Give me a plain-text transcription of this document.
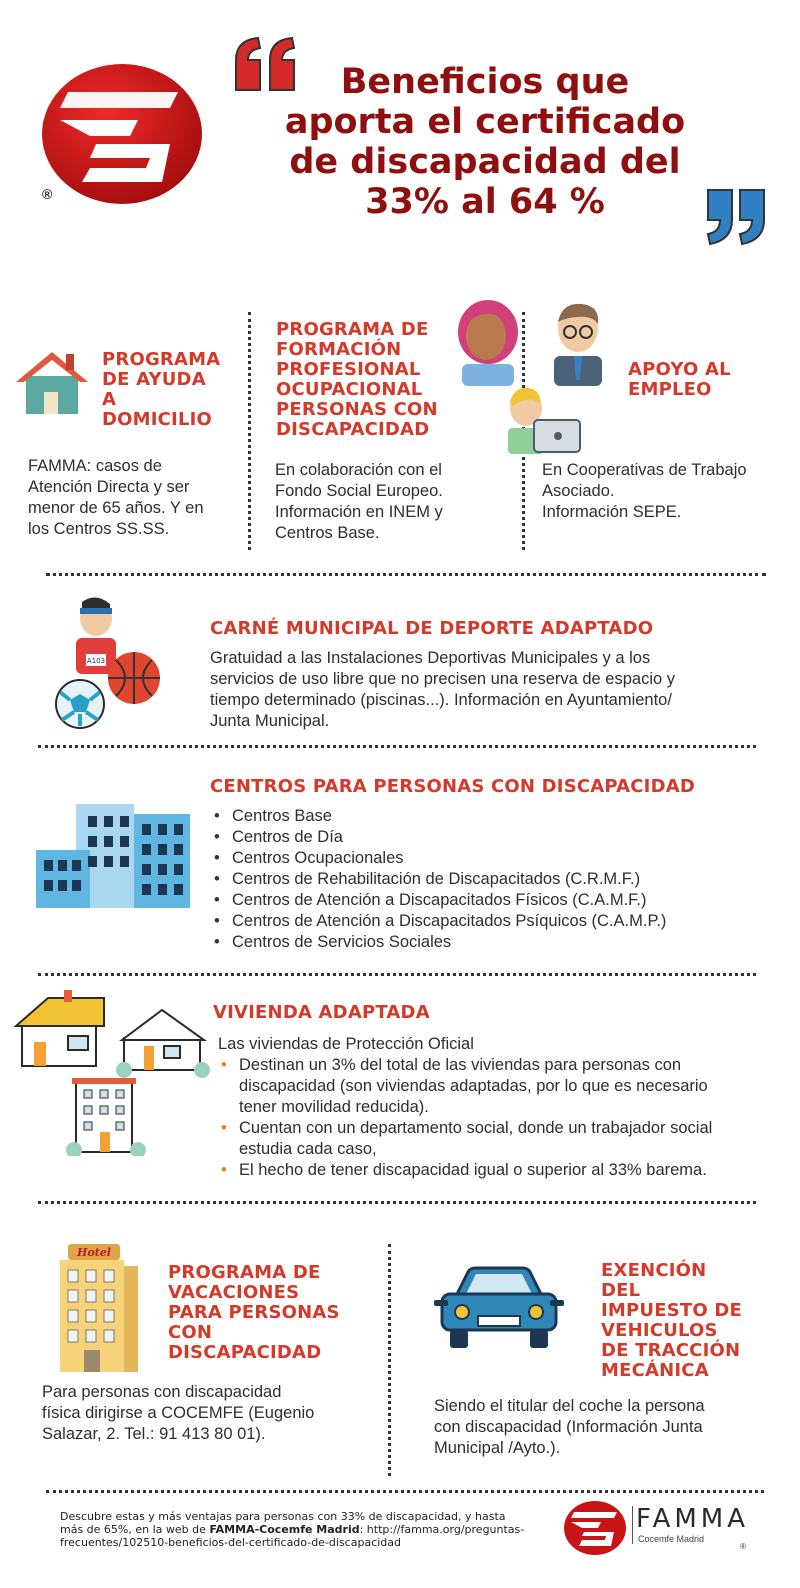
®
Beneficios que
aporta el certificado
de discapacidad del
33% al 64 %
PROGRAMA
DE AYUDA
A
DOMICILIO
FAMMA: casos de
Atención Directa y ser
menor de 65 años. Y en
los Centros SS.SS.
PROGRAMA DE
FORMACIÓN
PROFESIONAL
OCUPACIONAL
PERSONAS CON
DISCAPACIDAD
En colaboración con el
Fondo Social Europeo.
Información en INEM y
Centros Base.
APOYO AL
EMPLEO
En Cooperativas de Trabajo
Asociado.
Información SEPE.
A103
CARNÉ MUNICIPAL DE DEPORTE ADAPTADO
Gratuidad a las Instalaciones Deportivas Municipales y a los
servicios de uso libre que no precisen una reserva de espacio y
tiempo determinado (piscinas...). Información en Ayuntamiento/
Junta Municipal.
CENTROS PARA PERSONAS CON DISCAPACIDAD
• Centros Base
• Centros de Día
• Centros Ocupacionales
• Centros de Rehabilitación de Discapacitados (C.R.M.F.)
• Centros de Atención a Discapacitados Físicos (C.A.M.F.)
• Centros de Atención a Discapacitados Psíquicos (C.A.M.P.)
• Centros de Servicios Sociales
VIVIENDA ADAPTADA
Las viviendas de Protección Oficial
• Destinan un 3% del total de las viviendas para personas con
discapacidad (son viviendas adaptadas, por lo que es necesario
tener movilidad reducida).
• Cuentan con un departamento social, donde un trabajador social
estudia cada caso,
• El hecho de tener discapacidad igual o superior al 33% barema.
Hotel
PROGRAMA DE
VACACIONES
PARA PERSONAS
CON
DISCAPACIDAD
Para personas con discapacidad
física dirigirse a COCEMFE (Eugenio
Salazar, 2. Tel.: 91 413 80 01).
EXENCIÓN
DEL
IMPUESTO DE
VEHICULOS
DE TRACCIÓN
MECÁNICA
Siendo el titular del coche la persona
con discapacidad (Información Junta
Municipal /Ayto.).
Descubre estas y más ventajas para personas con 33% de discapacidad, y hasta
más de 65%, en la web de FAMMA-Cocemfe Madrid: http://famma.org/preguntas-
frecuentes/102510-beneficios-del-certificado-de-discapacidad
FAMMA
Cocemfe Madrid
®
